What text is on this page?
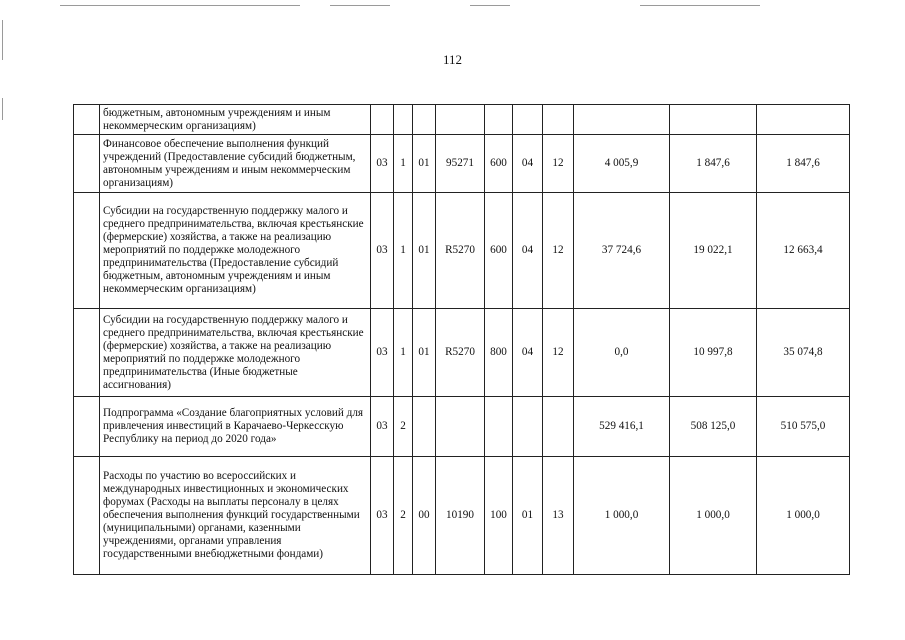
112
	бюджетным, автономным учреждениям и иным некоммерческим организациям)										
	Финансовое обеспечение выполнения функций учреждений (Предоставление субсидий бюджетным, автономным учреждениям и иным некоммерческим организациям)	03	1	01	95271	600	04	12	4 005,9	1 847,6	1 847,6
	Субсидии на государственную поддержку малого и среднего предпринимательства, включая крестьянские (фермерские) хозяйства, а также на реализацию мероприятий по поддержке молодежного предпринимательства (Предоставление субсидий бюджетным, автономным учреждениям и иным некоммерческим организациям)	03	1	01	R5270	600	04	12	37 724,6	19 022,1	12 663,4
	Субсидии на государственную поддержку малого и среднего предпринимательства, включая крестьянские (фермерские) хозяйства, а также на реализацию мероприятий по поддержке молодежного предпринимательства (Иные бюджетные ассигнования)	03	1	01	R5270	800	04	12	0,0	10 997,8	35 074,8
	Подпрограмма «Создание благоприятных условий для привлечения инвестиций в Карачаево-Черкесскую Республику на период до 2020 года»	03	2						529 416,1	508 125,0	510 575,0
	Расходы по участию во всероссийских и международных инвестиционных и экономических форумах (Расходы на выплаты персоналу в целях обеспечения выполнения функций государственными (муниципальными) органами, казенными учреждениями, органами управления государственными внебюджетными фондами)	03	2	00	10190	100	01	13	1 000,0	1 000,0	1 000,0
